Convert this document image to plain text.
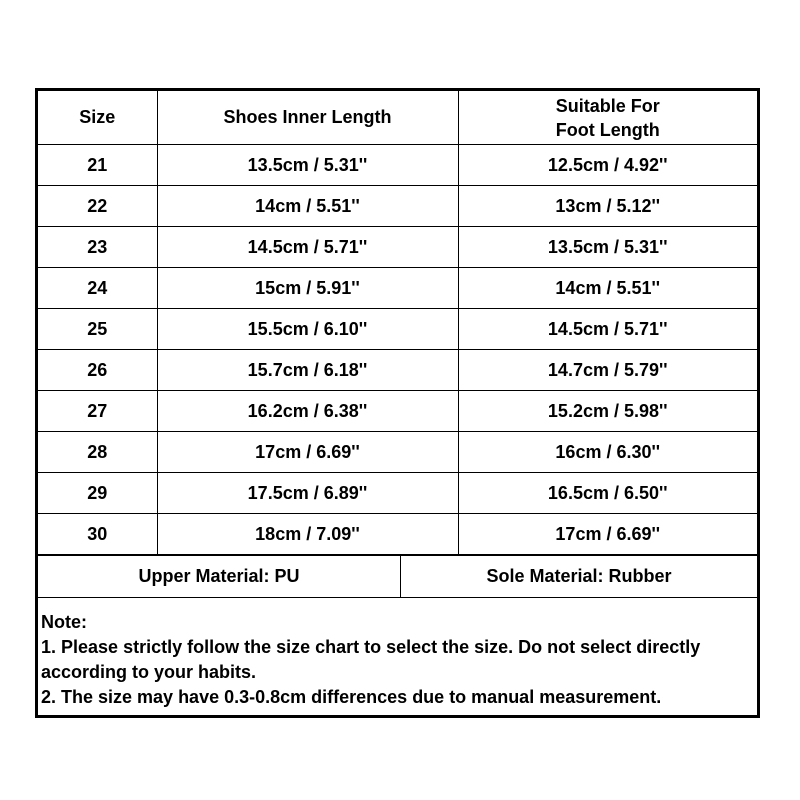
Size	Shoes Inner Length	Suitable For
Foot Length

21	13.5cm / 5.31''	12.5cm / 4.92''
22	14cm / 5.51''	13cm / 5.12''
23	14.5cm / 5.71''	13.5cm / 5.31''
24	15cm / 5.91''	14cm / 5.51''
25	15.5cm / 6.10''	14.5cm / 5.71''
26	15.7cm / 6.18''	14.7cm / 5.79''
27	16.2cm / 6.38''	15.2cm / 5.98''
28	17cm / 6.69''	16cm / 6.30''
29	17.5cm / 6.89''	16.5cm / 6.50''
30	18cm / 7.09''	17cm / 6.69''
Upper Material: PU	Sole Material: Rubber
Note:
1. Please strictly follow the size chart to select the size. Do not select directly
according to your habits.
2. The size may have 0.3-0.8cm differences due to manual measurement.
